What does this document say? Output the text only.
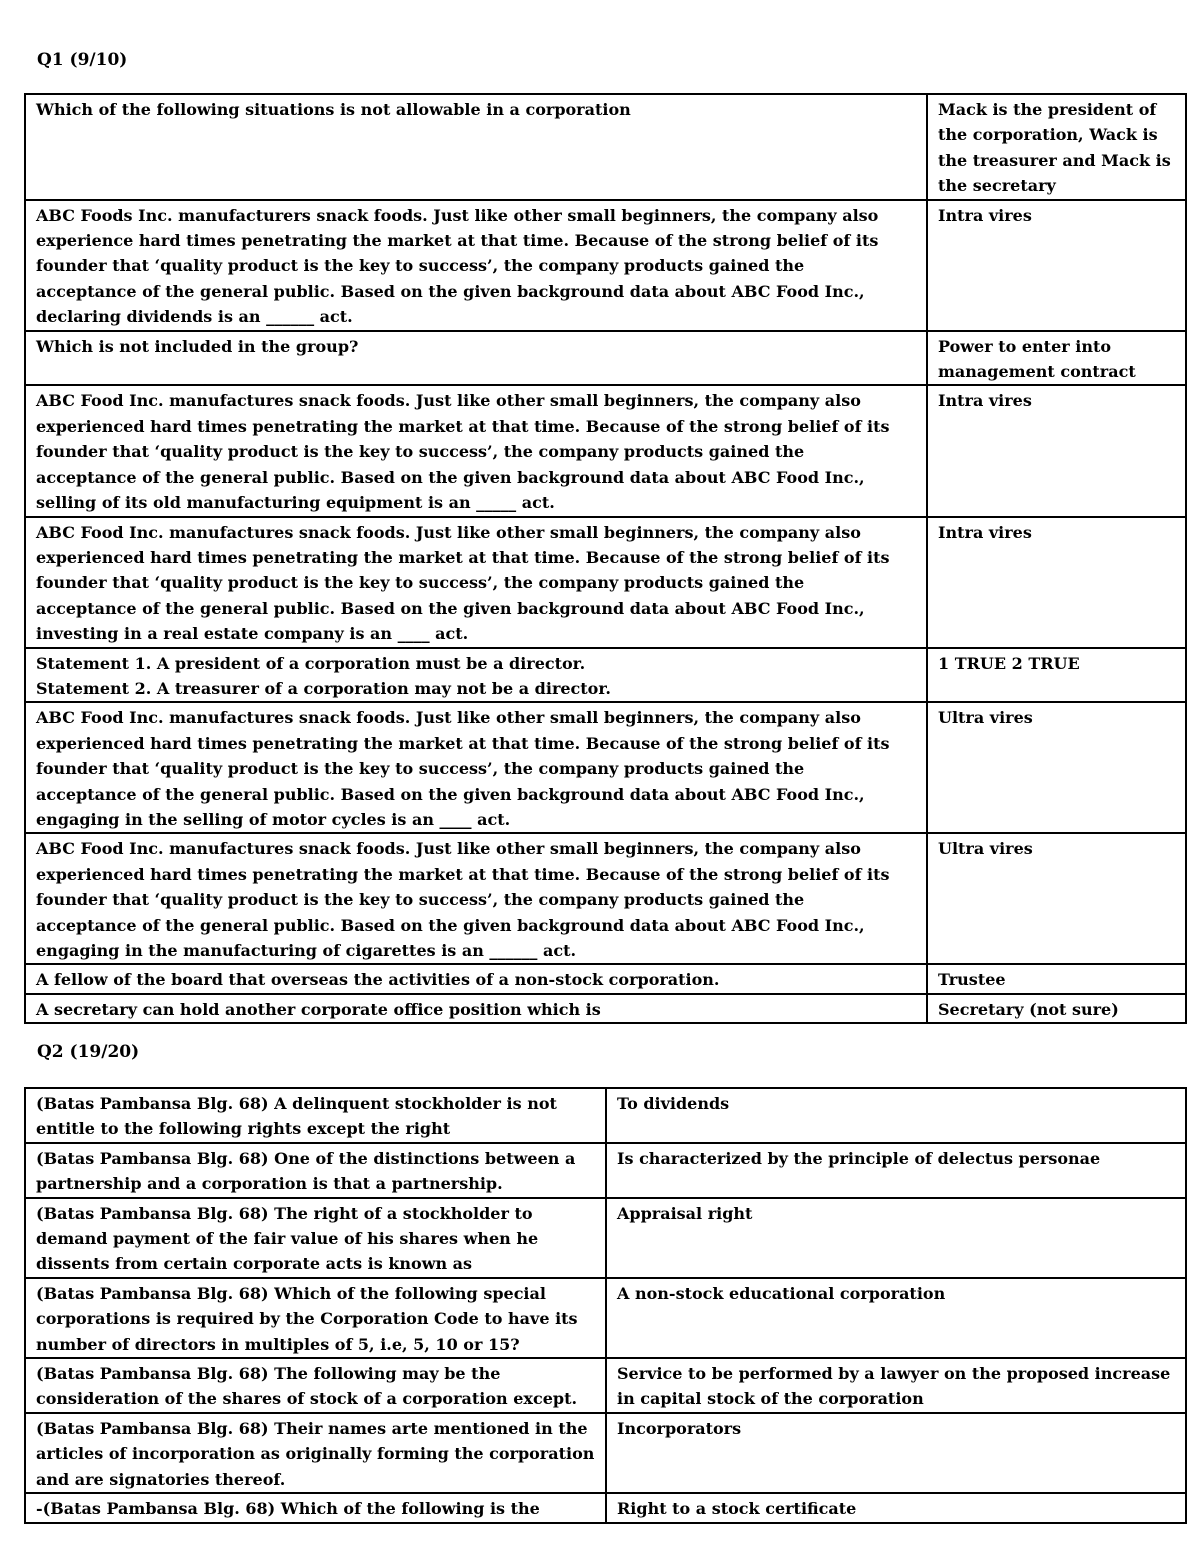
Q1 (9/10)
Which of the following situations is not allowable in a corporation	Mack is the president of the corporation, Wack is the treasurer and Mack is the secretary
ABC Foods Inc. manufacturers snack foods. Just like other small beginners, the company also
experience hard times penetrating the market at that time. Because of the strong belief of its
founder that ‘quality product is the key to success’, the company products gained the
acceptance of the general public. Based on the given background data about ABC Food Inc.,
declaring dividends is an ______ act.	Intra vires
Which is not included in the group?	Power to enter into management contract
ABC Food Inc. manufactures snack foods. Just like other small beginners, the company also
experienced hard times penetrating the market at that time. Because of the strong belief of its
founder that ‘quality product is the key to success’, the company products gained the
acceptance of the general public. Based on the given background data about ABC Food Inc.,
selling of its old manufacturing equipment is an _____ act.	Intra vires
ABC Food Inc. manufactures snack foods. Just like other small beginners, the company also
experienced hard times penetrating the market at that time. Because of the strong belief of its
founder that ‘quality product is the key to success’, the company products gained the
acceptance of the general public. Based on the given background data about ABC Food Inc.,
investing in a real estate company is an ____ act.	Intra vires
Statement 1. A president of a corporation must be a director.
Statement 2. A treasurer of a corporation may not be a director.	1 TRUE 2 TRUE
ABC Food Inc. manufactures snack foods. Just like other small beginners, the company also
experienced hard times penetrating the market at that time. Because of the strong belief of its
founder that ‘quality product is the key to success’, the company products gained the
acceptance of the general public. Based on the given background data about ABC Food Inc.,
engaging in the selling of motor cycles is an ____ act.	Ultra vires
ABC Food Inc. manufactures snack foods. Just like other small beginners, the company also
experienced hard times penetrating the market at that time. Because of the strong belief of its
founder that ‘quality product is the key to success’, the company products gained the
acceptance of the general public. Based on the given background data about ABC Food Inc.,
engaging in the manufacturing of cigarettes is an ______ act.	Ultra vires
A fellow of the board that overseas the activities of a non-stock corporation.	Trustee
A secretary can hold another corporate office position which is	Secretary (not sure)
Q2 (19/20)
(Batas Pambansa Blg. 68) A delinquent stockholder is not entitle to the following rights except the right	To dividends
(Batas Pambansa Blg. 68) One of the distinctions between a partnership and a corporation is that a partnership.	Is characterized by the principle of delectus personae
(Batas Pambansa Blg. 68) The right of a stockholder to demand payment of the fair value of his shares when he dissents from certain corporate acts is known as	Appraisal right
(Batas Pambansa Blg. 68) Which of the following special corporations is required by the Corporation Code to have its number of directors in multiples of 5, i.e, 5, 10 or 15?	A non-stock educational corporation
(Batas Pambansa Blg. 68) The following may be the consideration of the shares of stock of a corporation except.	Service to be performed by a lawyer on the proposed increase in capital stock of the corporation
(Batas Pambansa Blg. 68) Their names arte mentioned in the articles of incorporation as originally forming the corporation and are signatories thereof.	Incorporators
-(Batas Pambansa Blg. 68) Which of the following is the	Right to a stock certificate
